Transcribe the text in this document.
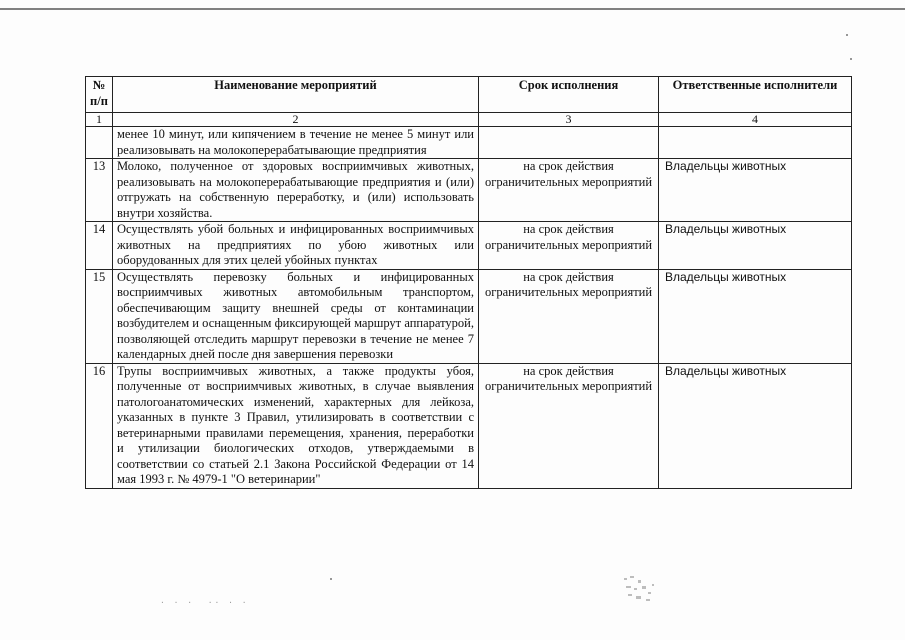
№ п/п	Наименование мероприятий	Срок исполнения	Ответственные исполнители
1	2	3	4
	менее 10 минут, или кипячением в течение не менее 5 минут или реализовывать на молокоперерабатывающие предприятия		
13	Молоко, полученное от здоровых восприимчивых животных, реализовывать на молокоперерабатывающие предприятия и (или) отгружать на собственную переработку, и (или) использовать внутри хозяйства.	на срок действия ограничительных мероприятий	Владельцы животных
14	Осуществлять убой больных и инфицированных восприимчивых животных на предприятиях по убою животных или оборудованных для этих целей убойных пунктах	на срок действия ограничительных мероприятий	Владельцы животных
15	Осуществлять перевозку больных и инфицированных восприимчивых животных автомобильным транспортом, обеспечивающим защиту внешней среды от контаминации возбудителем и оснащенным фиксирующей маршрут аппаратурой, позволяющей отследить маршрут перевозки в течение не менее 7 календарных дней после дня завершения перевозки	на срок действия ограничительных мероприятий	Владельцы животных
16	Трупы восприимчивых животных, а также продукты убоя, полученные от восприимчивых животных, в случае выявления патологоанатомических изменений, характерных для лейкоза, указанных в пункте 3 Правил, утилизировать в соответствии с ветеринарными правилами перемещения, хранения, переработки и утилизации биологических отходов, утверждаемыми в соответствии со статьей 2.1 Закона Российской Федерации от 14 мая 1993 г. № 4979-1 "О ветеринарии"	на срок действия ограничительных мероприятий	Владельцы животных
· · ·  ·· · ·
